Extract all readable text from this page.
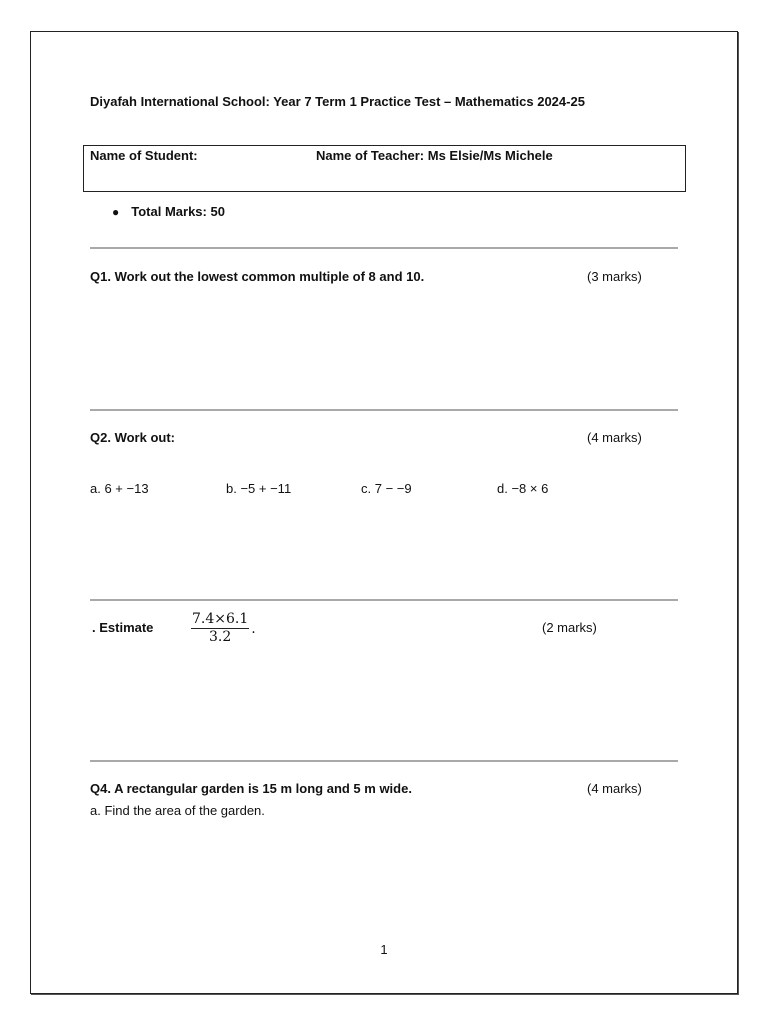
Diyafah International School: Year 7 Term 1 Practice Test – Mathematics 2024-25
Name of Student:	Name of Teacher: Ms Elsie/Ms Michele
● Total Marks: 50
Q1. Work out the lowest common multiple of 8 and 10.	(3 marks)
Q2. Work out:	(4 marks)
a. 6 + −13	b. −5 + −11	c. 7 − −9	d. −8 × 6
. Estimate	$\frac{7.4\times 6.1}{3.2}$ .	(2 marks)
Q4. A rectangular garden is 15 m long and 5 m wide.	(4 marks)
a. Find the area of the garden.
1
